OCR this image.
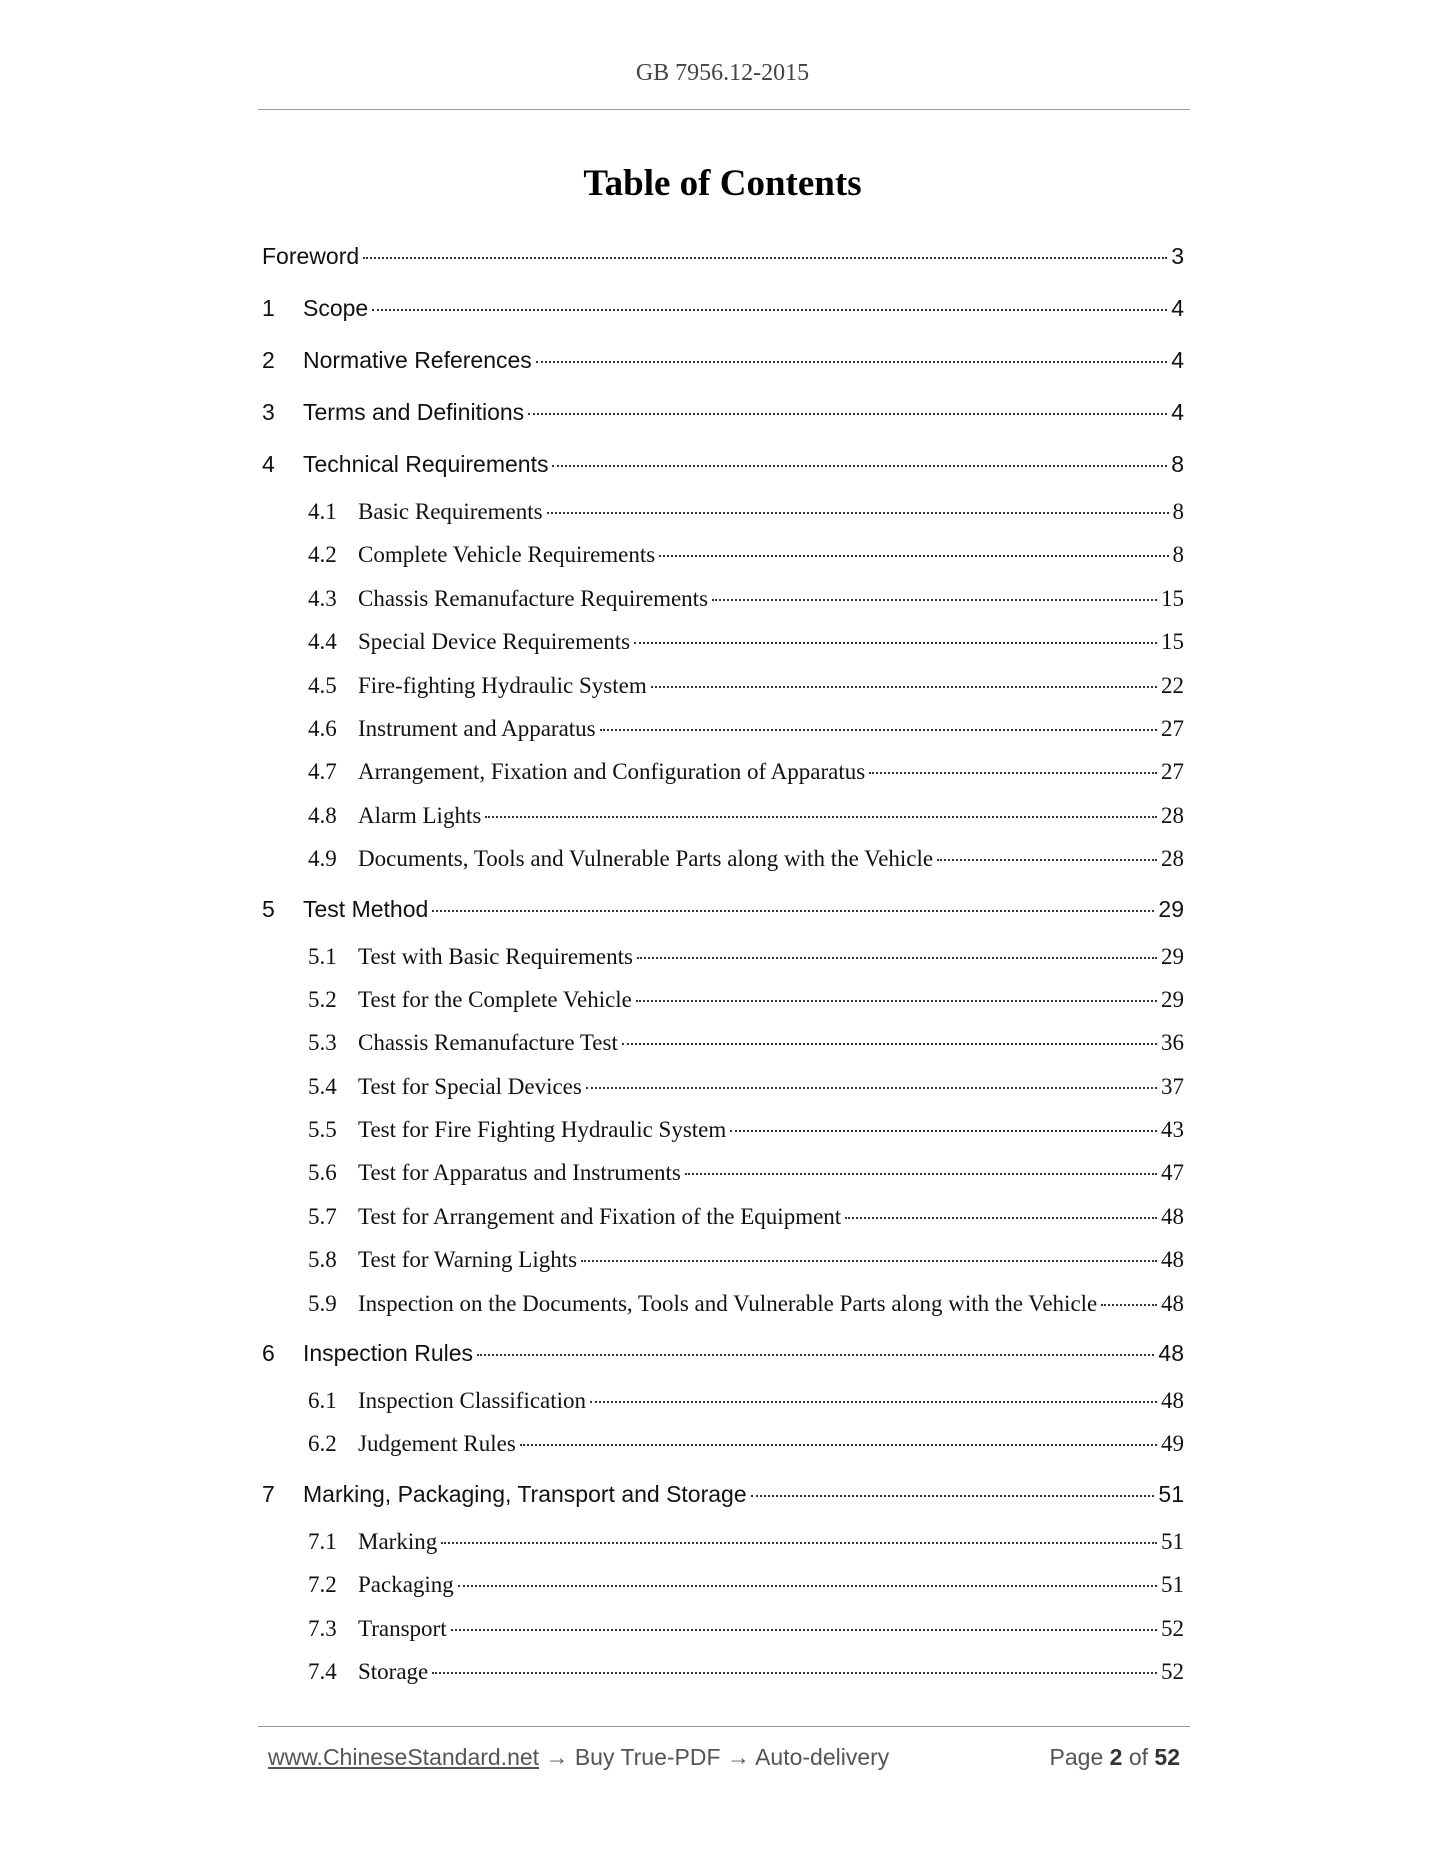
GB 7956.12-2015
Table of Contents
Foreword	3
1	Scope	4
2	Normative References	4
3	Terms and Definitions	4
4	Technical Requirements	8
4.1 Basic Requirements	8
4.2 Complete Vehicle Requirements	8
4.3 Chassis Remanufacture Requirements	15
4.4 Special Device Requirements	15
4.5 Fire-fighting Hydraulic System	22
4.6 Instrument and Apparatus	27
4.7 Arrangement, Fixation and Configuration of Apparatus	27
4.8 Alarm Lights	28
4.9 Documents, Tools and Vulnerable Parts along with the Vehicle	28
5	Test Method	29
5.1 Test with Basic Requirements	29
5.2 Test for the Complete Vehicle	29
5.3 Chassis Remanufacture Test	36
5.4 Test for Special Devices	37
5.5 Test for Fire Fighting Hydraulic System	43
5.6 Test for Apparatus and Instruments	47
5.7 Test for Arrangement and Fixation of the Equipment	48
5.8 Test for Warning Lights	48
5.9 Inspection on the Documents, Tools and Vulnerable Parts along with the Vehicle	48
6	Inspection Rules	48
6.1 Inspection Classification	48
6.2 Judgement Rules	49
7	Marking, Packaging, Transport and Storage	51
7.1 Marking	51
7.2 Packaging	51
7.3 Transport	52
7.4 Storage	52
www.ChineseStandard.net → Buy True-PDF → Auto-delivery	Page 2 of 52
